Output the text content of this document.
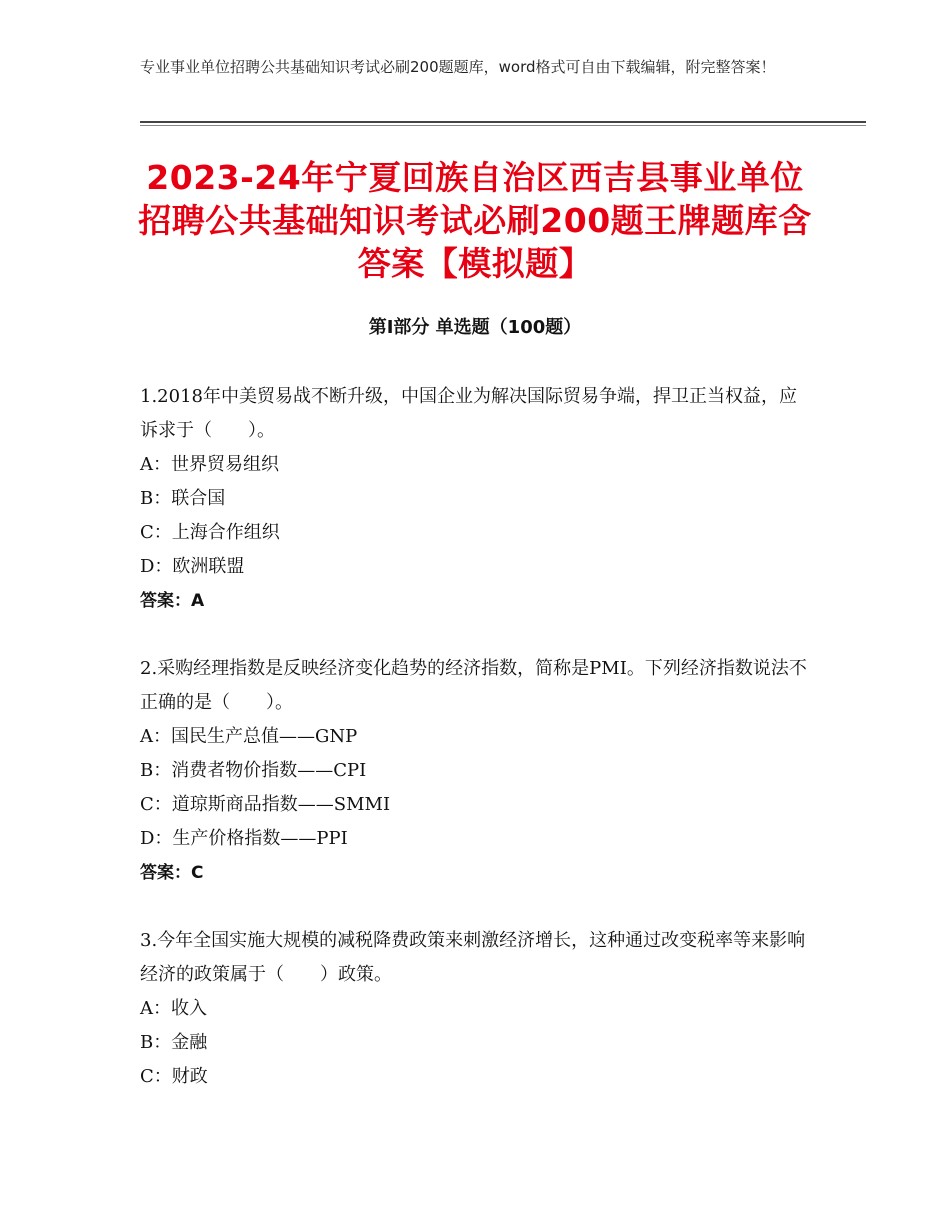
专业事业单位招聘公共基础知识考试必刷200题题库，word格式可自由下载编辑，附完整答案！
2023-24年宁夏回族自治区西吉县事业单位招聘公共基础知识考试必刷200题王牌题库含答案【模拟题】
第Ⅰ部分 单选题（100题）

1.2018年中美贸易战不断升级，中国企业为解决国际贸易争端，捍卫正当权益，应诉求于（　　）。

A：世界贸易组织

B：联合国

C：上海合作组织

D：欧洲联盟

答案：A

2.采购经理指数是反映经济变化趋势的经济指数，简称是PMI。下列经济指数说法不正确的是（　　）。

A：国民生产总值——GNP

B：消费者物价指数——CPI

C：道琼斯商品指数——SMMI

D：生产价格指数——PPI

答案：C

3.今年全国实施大规模的减税降费政策来刺激经济增长，这种通过改变税率等来影响经济的政策属于（　　）政策。

A：收入

B：金融

C：财政
